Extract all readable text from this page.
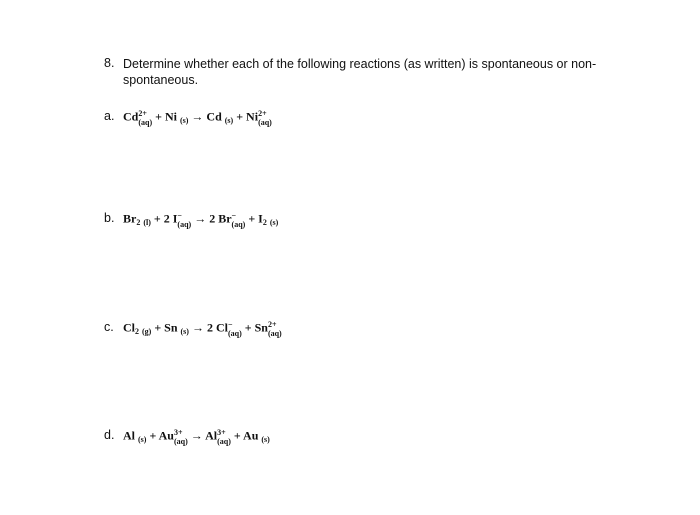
8. Determine whether each of the following reactions (as written) is spontaneous or non-spontaneous.
a. Cd 2+
(aq) + Ni $_{(s)}$ → Cd $_{(s)}$ + Ni 2+
(aq)
b. $Br_2$ $_{(l)}$ + 2 I −
(aq) → 2 Br −
$(aq) + I_2$ $_{(s)}$
c. $Cl_2$ $_{(g)}$ + Sn $_{(s)}$ → 2 Cl −
(aq) + Sn 2+
(aq)
d. Al $_{(s)}$ + Au 3+
(aq) → Al 3+
(aq) + Au $_{(s)}$
